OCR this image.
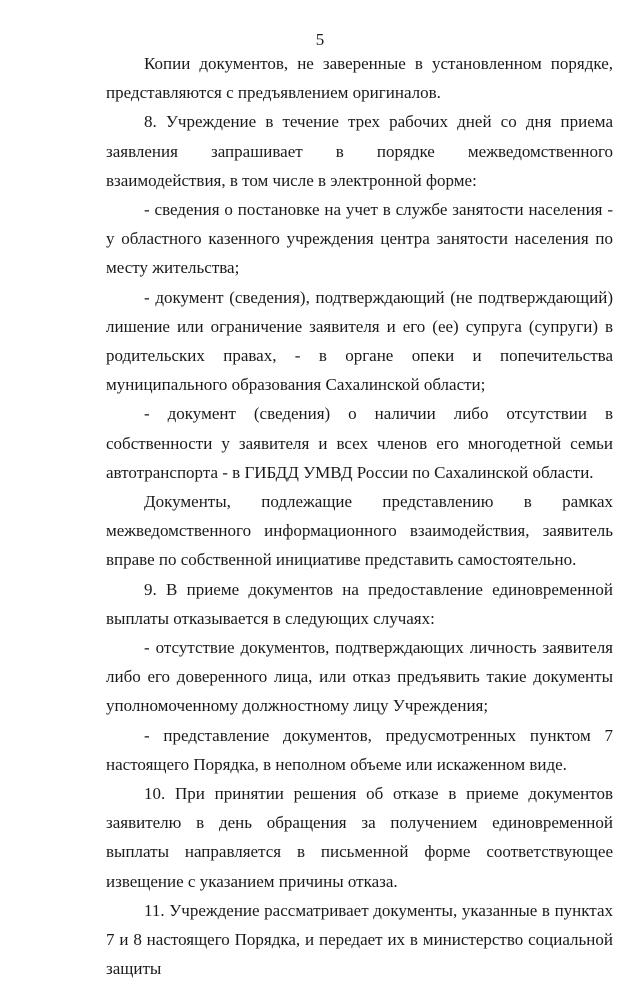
5

Копии документов, не заверенные в установленном порядке, представляются с предъявлением оригиналов.

8. Учреждение в течение трех рабочих дней со дня приема заявления запрашивает в порядке межведомственного взаимодействия, в том числе в электронной форме:

- сведения о постановке на учет в службе занятости населения - у областного казенного учреждения центра занятости населения по месту жительства;

- документ (сведения), подтверждающий (не подтверждающий) лишение или ограничение заявителя и его (ее) супруга (супруги) в родительских правах, - в органе опеки и попечительства муниципального образования Сахалинской области;

- документ (сведения) о наличии либо отсутствии в собственности у заявителя и всех членов его многодетной семьи автотранспорта - в ГИБДД УМВД России по Сахалинской области.

Документы, подлежащие представлению в рамках межведомственного информационного взаимодействия, заявитель вправе по собственной инициативе представить самостоятельно.

9. В приеме документов на предоставление единовременной выплаты отказывается в следующих случаях:

- отсутствие документов, подтверждающих личность заявителя либо его доверенного лица, или отказ предъявить такие документы уполномоченному должностному лицу Учреждения;

- представление документов, предусмотренных пунктом 7 настоящего Порядка, в неполном объеме или искаженном виде.

10. При принятии решения об отказе в приеме документов заявителю в день обращения за получением единовременной выплаты направляется в письменной форме соответствующее извещение с указанием причины отказа.

11. Учреждение рассматривает документы, указанные в пунктах 7 и 8 настоящего Порядка, и передает их в министерство социальной защиты
